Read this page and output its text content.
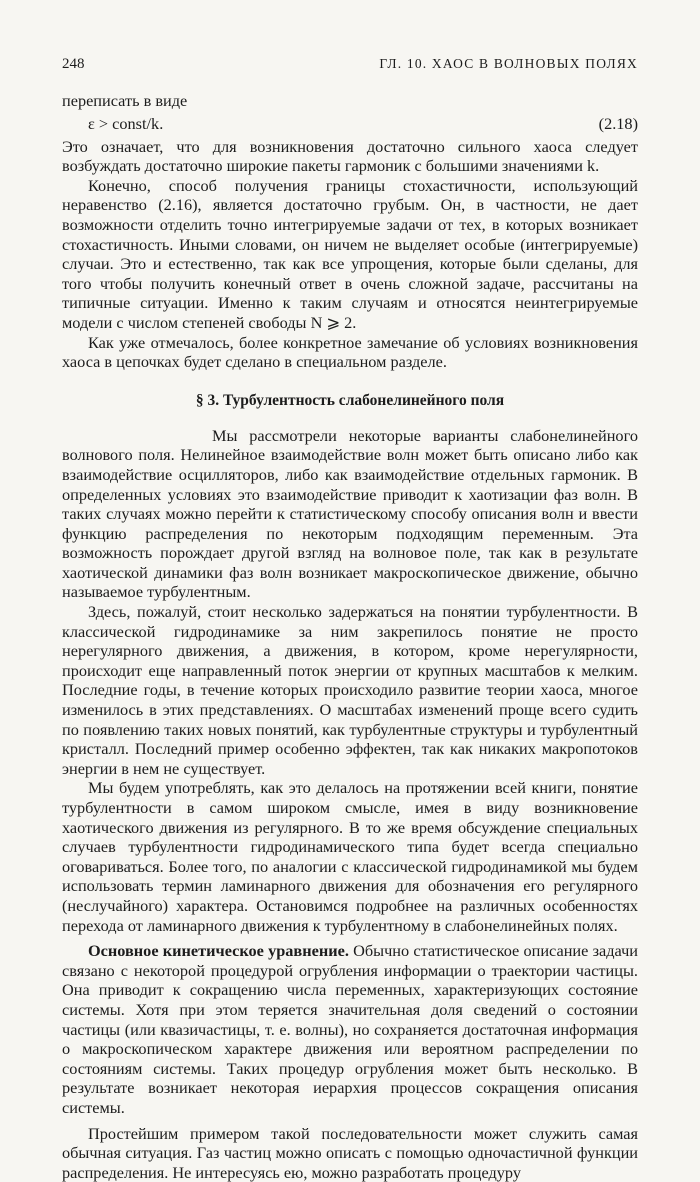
248	ГЛ. 10. ХАОС В ВОЛНОВЫХ ПОЛЯХ

переписать в виде

ε > const/k.	(2.18)

Это означает, что для возникновения достаточно сильного хаоса следует возбуждать достаточно широкие пакеты гармоник с большими значениями k.

Конечно, способ получения границы стохастичности, использующий неравенство (2.16), является достаточно грубым. Он, в частности, не дает возможности отделить точно интегрируемые задачи от тех, в которых возникает стохастичность. Иными словами, он ничем не выделяет особые (интегрируемые) случаи. Это и естественно, так как все упрощения, которые были сделаны, для того чтобы получить конечный ответ в очень сложной задаче, рассчитаны на типичные ситуации. Именно к таким случаям и относятся неинтегрируемые модели с числом степеней свободы N ⩾ 2.

Как уже отмечалось, более конкретное замечание об условиях возникновения хаоса в цепочках будет сделано в специальном разделе.

§ 3. Турбулентность слабонелинейного поля

Мы рассмотрели некоторые варианты слабонелинейного волнового поля. Нелинейное взаимодействие волн может быть описано либо как взаимодействие осцилляторов, либо как взаимодействие отдельных гармоник. В определенных условиях это взаимодействие приводит к хаотизации фаз волн. В таких случаях можно перейти к статистическому способу описания волн и ввести функцию распределения по некоторым подходящим переменным. Эта возможность порождает другой взгляд на волновое поле, так как в результате хаотической динамики фаз волн возникает макроскопическое движение, обычно называемое турбулентным.

Здесь, пожалуй, стоит несколько задержаться на понятии турбулентности. В классической гидродинамике за ним закрепилось понятие не просто нерегулярного движения, а движения, в котором, кроме нерегулярности, происходит еще направленный поток энергии от крупных масштабов к мелким. Последние годы, в течение которых происходило развитие теории хаоса, многое изменилось в этих представлениях. О масштабах изменений проще всего судить по появлению таких новых понятий, как турбулентные структуры и турбулентный кристалл. Последний пример особенно эффектен, так как никаких макропотоков энергии в нем не существует.

Мы будем употреблять, как это делалось на протяжении всей книги, понятие турбулентности в самом широком смысле, имея в виду возникновение хаотического движения из регулярного. В то же время обсуждение специальных случаев турбулентности гидродинамического типа будет всегда специально оговариваться. Более того, по аналогии с классической гидродинамикой мы будем использовать термин ламинарного движения для обозначения его регулярного (неслучайного) характера. Остановимся подробнее на различных особенностях перехода от ламинарного движения к турбулентному в слабонелинейных полях.

Основное кинетическое уравнение. Обычно статистическое описание задачи связано с некоторой процедурой огрубления информации о траектории частицы. Она приводит к сокращению числа переменных, характеризующих состояние системы. Хотя при этом теряется значительная доля сведений о состоянии частицы (или квазичастицы, т. е. волны), но сохраняется достаточная информация о макроскопическом характере движения или вероятном распределении по состояниям системы. Таких процедур огрубления может быть несколько. В результате возникает некоторая иерархия процессов сокращения описания системы.

Простейшим примером такой последовательности может служить самая обычная ситуация. Газ частиц можно описать с помощью одночастичной функции распределения. Не интересуясь ею, можно разработать процедуру
